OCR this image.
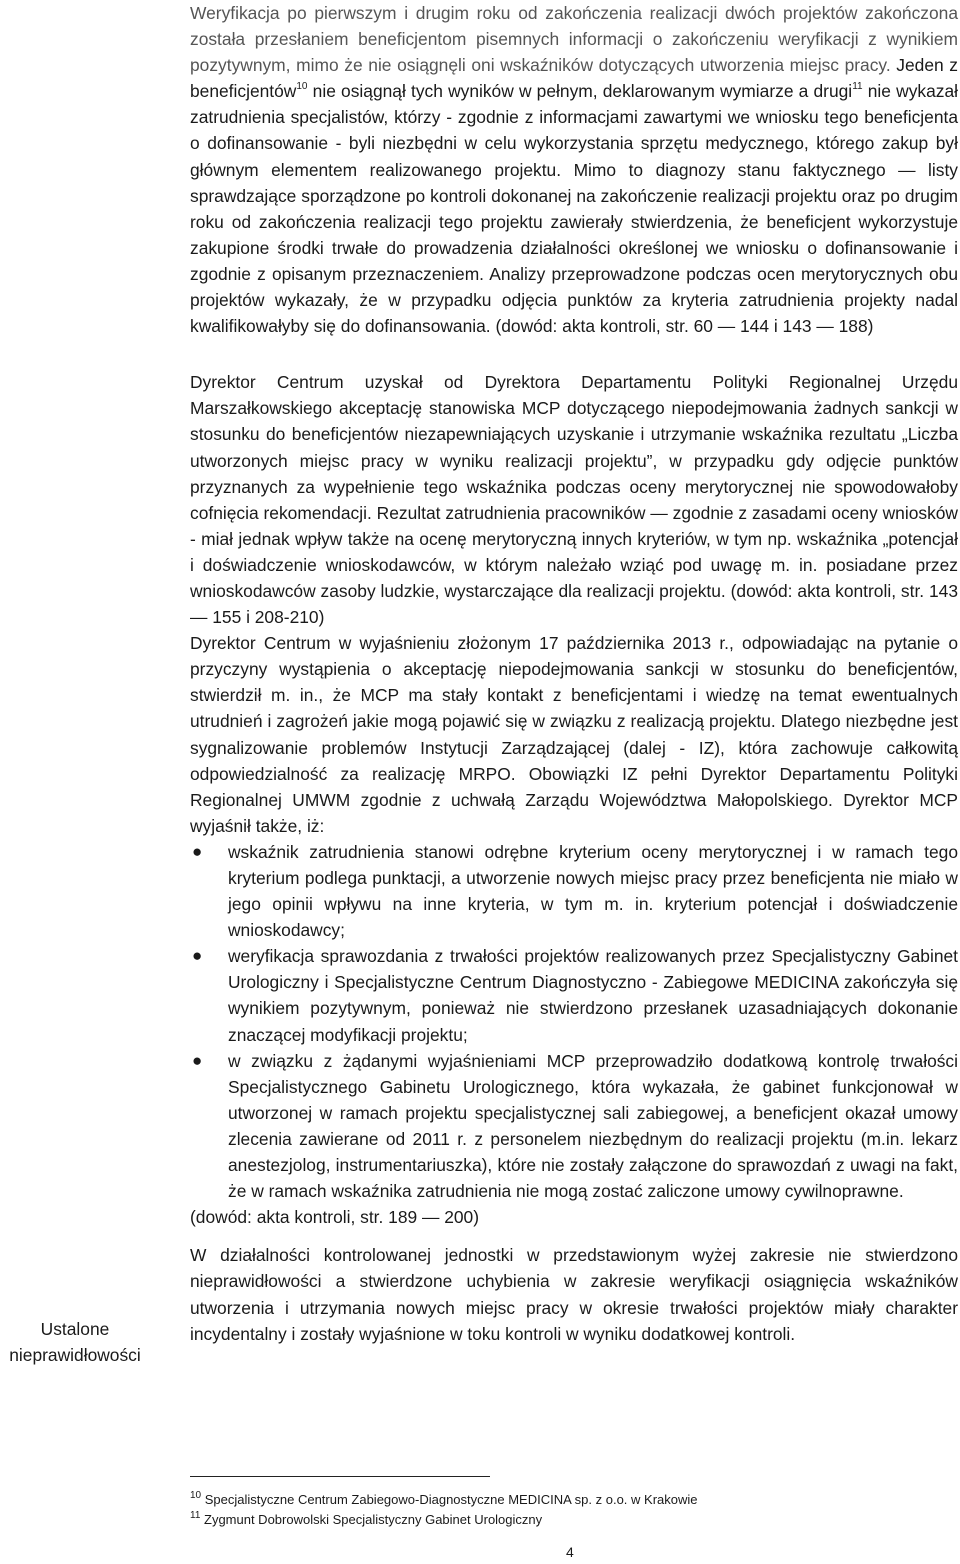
Weryfikacja po pierwszym i drugim roku od zakończenia realizacji dwóch projektów zakończona została przesłaniem beneficjentom pisemnych informacji o zakończeniu weryfikacji z wynikiem pozytywnym, mimo że nie osiągnęli oni wskaźników dotyczących utworzenia miejsc pracy. Jeden z beneficjentów$^{10}$ nie osiągnął tych wyników w pełnym, deklarowanym wymiarze a drugi$^{11}$ nie wykazał zatrudnienia specjalistów, którzy - zgodnie z informacjami zawartymi we wniosku tego beneficjenta o dofinansowanie - byli niezbędni w celu wykorzystania sprzętu medycznego, którego zakup był głównym elementem realizowanego projektu. Mimo to diagnozy stanu faktycznego — listy sprawdzające sporządzone po kontroli dokonanej na zakończenie realizacji projektu oraz po drugim roku od zakończenia realizacji tego projektu zawierały stwierdzenia, że beneficjent wykorzystuje zakupione środki trwałe do prowadzenia działalności określonej we wniosku o dofinansowanie i zgodnie z opisanym przeznaczeniem. Analizy przeprowadzone podczas ocen merytorycznych obu projektów wykazały, że w przypadku odjęcia punktów za kryteria zatrudnienia projekty nadal kwalifikowałyby się do dofinansowania. (dowód: akta kontroli, str. 60 — 144 i 143 — 188)

Dyrektor Centrum uzyskał od Dyrektora Departamentu Polityki Regionalnej Urzędu Marszałkowskiego akceptację stanowiska MCP dotyczącego niepodejmowania żadnych sankcji w stosunku do beneficjentów niezapewniających uzyskanie i utrzymanie wskaźnika rezultatu „Liczba utworzonych miejsc pracy w wyniku realizacji projektu”, w przypadku gdy odjęcie punktów przyznanych za wypełnienie tego wskaźnika podczas oceny merytorycznej nie spowodowałoby cofnięcia rekomendacji. Rezultat zatrudnienia pracowników — zgodnie z zasadami oceny wniosków - miał jednak wpływ także na ocenę merytoryczną innych kryteriów, w tym np. wskaźnika „potencjał i doświadczenie wnioskodawców, w którym należało wziąć pod uwagę m. in. posiadane przez wnioskodawców zasoby ludzkie, wystarczające dla realizacji projektu. (dowód: akta kontroli, str. 143 — 155 i 208-210)

Dyrektor Centrum w wyjaśnieniu złożonym 17 października 2013 r., odpowiadając na pytanie o przyczyny wystąpienia o akceptację niepodejmowania sankcji w stosunku do beneficjentów, stwierdził m. in., że MCP ma stały kontakt z beneficjentami i wiedzę na temat ewentualnych utrudnień i zagrożeń jakie mogą pojawić się w związku z realizacją projektu. Dlatego niezbędne jest sygnalizowanie problemów Instytucji Zarządzającej (dalej - IZ), która zachowuje całkowitą odpowiedzialność za realizację MRPO. Obowiązki IZ pełni Dyrektor Departamentu Polityki Regionalnej UMWM zgodnie z uchwałą Zarządu Województwa Małopolskiego. Dyrektor MCP wyjaśnił także, iż:

● wskaźnik zatrudnienia stanowi odrębne kryterium oceny merytorycznej i w ramach tego kryterium podlega punktacji, a utworzenie nowych miejsc pracy przez beneficjenta nie miało w jego opinii wpływu na inne kryteria, w tym m. in. kryterium potencjał i doświadczenie wnioskodawcy;
● weryfikacja sprawozdania z trwałości projektów realizowanych przez Specjalistyczny Gabinet Urologiczny i Specjalistyczne Centrum Diagnostyczno - Zabiegowe MEDICINA zakończyła się wynikiem pozytywnym, ponieważ nie stwierdzono przesłanek uzasadniających dokonanie znaczącej modyfikacji projektu;
● w związku z żądanymi wyjaśnieniami MCP przeprowadziło dodatkową kontrolę trwałości Specjalistycznego Gabinetu Urologicznego, która wykazała, że gabinet funkcjonował w utworzonej w ramach projektu specjalistycznej sali zabiegowej, a beneficjent okazał umowy zlecenia zawierane od 2011 r. z personelem niezbędnym do realizacji projektu (m.in. lekarz anestezjolog, instrumentariuszka), które nie zostały załączone do sprawozdań z uwagi na fakt, że w ramach wskaźnika zatrudnienia nie mogą zostać zaliczone umowy cywilnoprawne.

(dowód: akta kontroli, str. 189 — 200)

W działalności kontrolowanej jednostki w przedstawionym wyżej zakresie nie stwierdzono nieprawidłowości a stwierdzone uchybienia w zakresie weryfikacji osiągnięcia wskaźników utworzenia i utrzymania nowych miejsc pracy w okresie trwałości projektów miały charakter incydentalny i zostały wyjaśnione w toku kontroli w wyniku dodatkowej kontroli.

Ustalone
nieprawidłowości
$^{10}$ Specjalistyczne Centrum Zabiegowo-Diagnostyczne MEDICINA sp. z o.o. w Krakowie
$^{11}$ Zygmunt Dobrowolski Specjalistyczny Gabinet Urologiczny
4
